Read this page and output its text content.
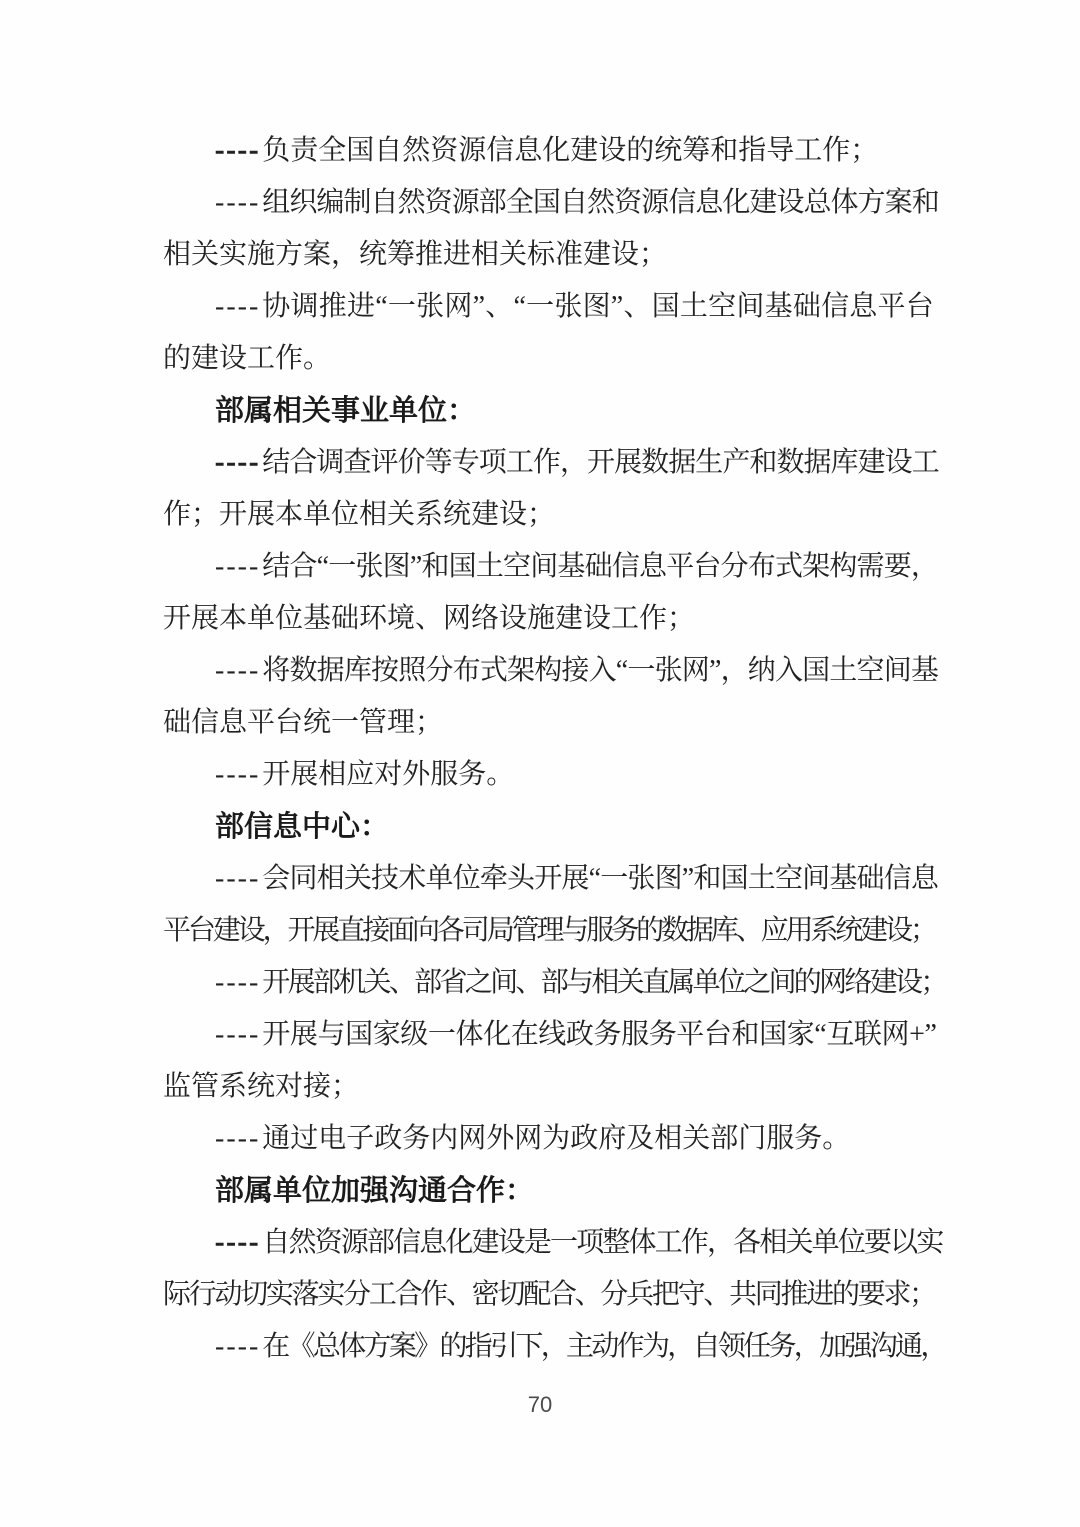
----负责全国自然资源信息化建设的统筹和指导工作；
----组织编制自然资源部全国自然资源信息化建设总体方案和
相关实施方案，统筹推进相关标准建设；
----协调推进“一张网”、“一张图”、国土空间基础信息平台
的建设工作。
部属相关事业单位：
----结合调查评价等专项工作，开展数据生产和数据库建设工
作；开展本单位相关系统建设；
----结合“一张图”和国土空间基础信息平台分布式架构需要，
开展本单位基础环境、网络设施建设工作；
----将数据库按照分布式架构接入“一张网”，纳入国土空间基
础信息平台统一管理；
----开展相应对外服务。
部信息中心：
----会同相关技术单位牵头开展“一张图”和国土空间基础信息
平台建设，开展直接面向各司局管理与服务的数据库、应用系统建设；
----开展部机关、部省之间、部与相关直属单位之间的网络建设；
----开展与国家级一体化在线政务服务平台和国家“互联网+”
监管系统对接；
----通过电子政务内网外网为政府及相关部门服务。
部属单位加强沟通合作：
----自然资源部信息化建设是一项整体工作，各相关单位要以实
际行动切实落实分工合作、密切配合、分兵把守、共同推进的要求；
----在《总体方案》的指引下，主动作为，自领任务，加强沟通，
70
